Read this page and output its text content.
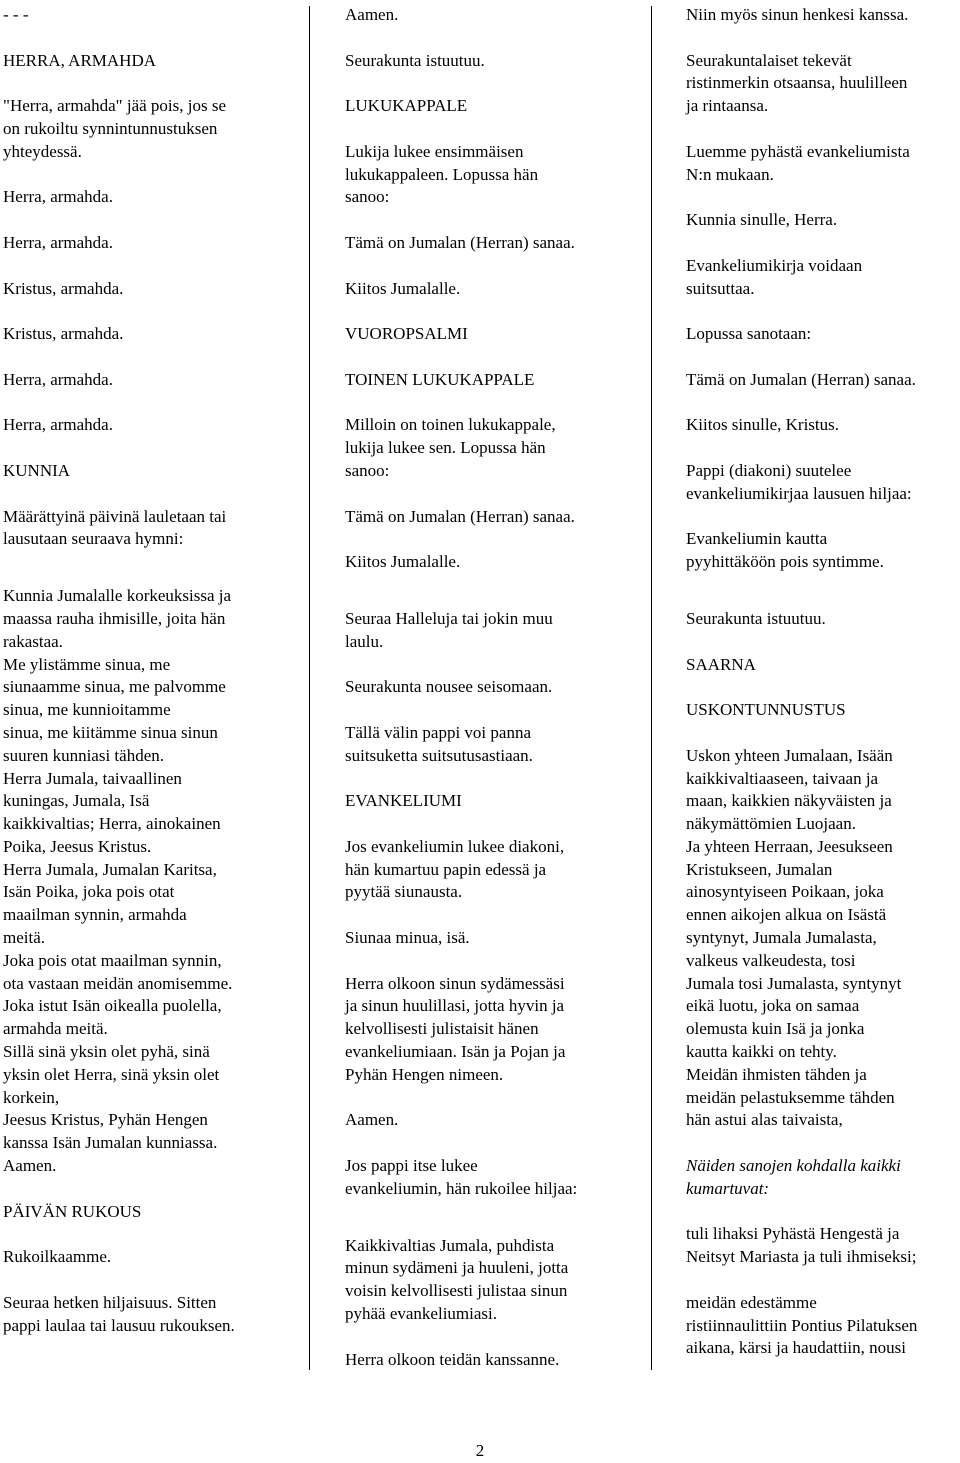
- - -
HERRA, ARMAHDA
"Herra, armahda" jää pois, jos se
on rukoiltu synnintunnustuksen
yhteydessä.
Herra, armahda.
Herra, armahda.
Kristus, armahda.
Kristus, armahda.
Herra, armahda.
Herra, armahda.
KUNNIA
Määrättyinä päivinä lauletaan tai
lausutaan seuraava hymni:
Kunnia Jumalalle korkeuksissa ja
maassa rauha ihmisille, joita hän
rakastaa.
Me ylistämme sinua, me
siunaamme sinua, me palvomme
sinua, me kunnioitamme
sinua, me kiitämme sinua sinun
suuren kunniasi tähden.
Herra Jumala, taivaallinen
kuningas, Jumala, Isä
kaikkivaltias; Herra, ainokainen
Poika, Jeesus Kristus.
Herra Jumala, Jumalan Karitsa,
Isän Poika, joka pois otat
maailman synnin, armahda
meitä.
Joka pois otat maailman synnin,
ota vastaan meidän anomisemme.
Joka istut Isän oikealla puolella,
armahda meitä.
Sillä sinä yksin olet pyhä, sinä
yksin olet Herra, sinä yksin olet
korkein,
Jeesus Kristus, Pyhän Hengen
kanssa Isän Jumalan kunniassa.
Aamen.
PÄIVÄN RUKOUS
Rukoilkaamme.
Seuraa hetken hiljaisuus. Sitten
pappi laulaa tai lausuu rukouksen.
Aamen.
Seurakunta istuutuu.
LUKUKAPPALE
Lukija lukee ensimmäisen
lukukappaleen. Lopussa hän
sanoo:
Tämä on Jumalan (Herran) sanaa.
Kiitos Jumalalle.
VUOROPSALMI
TOINEN LUKUKAPPALE
Milloin on toinen lukukappale,
lukija lukee sen. Lopussa hän
sanoo:
Tämä on Jumalan (Herran) sanaa.
Kiitos Jumalalle.
Seuraa Halleluja tai jokin muu
laulu.
Seurakunta nousee seisomaan.
Tällä välin pappi voi panna
suitsuketta suitsutusastiaan.
EVANKELIUMI
Jos evankeliumin lukee diakoni,
hän kumartuu papin edessä ja
pyytää siunausta.
Siunaa minua, isä.
Herra olkoon sinun sydämessäsi
ja sinun huulillasi, jotta hyvin ja
kelvollisesti julistaisit hänen
evankeliumiaan. Isän ja Pojan ja
Pyhän Hengen nimeen.
Aamen.
Jos pappi itse lukee
evankeliumin, hän rukoilee hiljaa:
Kaikkivaltias Jumala, puhdista
minun sydämeni ja huuleni, jotta
voisin kelvollisesti julistaa sinun
pyhää evankeliumiasi.
Herra olkoon teidän kanssanne.
Niin myös sinun henkesi kanssa.
Seurakuntalaiset tekevät
ristinmerkin otsaansa, huulilleen
ja rintaansa.
Luemme pyhästä evankeliumista
N:n mukaan.
Kunnia sinulle, Herra.
Evankeliumikirja voidaan
suitsuttaa.
Lopussa sanotaan:
Tämä on Jumalan (Herran) sanaa.
Kiitos sinulle, Kristus.
Pappi (diakoni) suutelee
evankeliumikirjaa lausuen hiljaa:
Evankeliumin kautta
pyyhittäköön pois syntimme.
Seurakunta istuutuu.
SAARNA
USKONTUNNUSTUS
Uskon yhteen Jumalaan, Isään
kaikkivaltiaaseen, taivaan ja
maan, kaikkien näkyväisten ja
näkymättömien Luojaan.
Ja yhteen Herraan, Jeesukseen
Kristukseen, Jumalan
ainosyntyiseen Poikaan, joka
ennen aikojen alkua on Isästä
syntynyt, Jumala Jumalasta,
valkeus valkeudesta, tosi
Jumala tosi Jumalasta, syntynyt
eikä luotu, joka on samaa
olemusta kuin Isä ja jonka
kautta kaikki on tehty.
Meidän ihmisten tähden ja
meidän pelastuksemme tähden
hän astui alas taivaista,
Näiden sanojen kohdalla kaikki
kumartuvat:
tuli lihaksi Pyhästä Hengestä ja
Neitsyt Mariasta ja tuli ihmiseksi;
meidän edestämme
ristiinnaulittiin Pontius Pilatuksen
aikana, kärsi ja haudattiin, nousi
2
